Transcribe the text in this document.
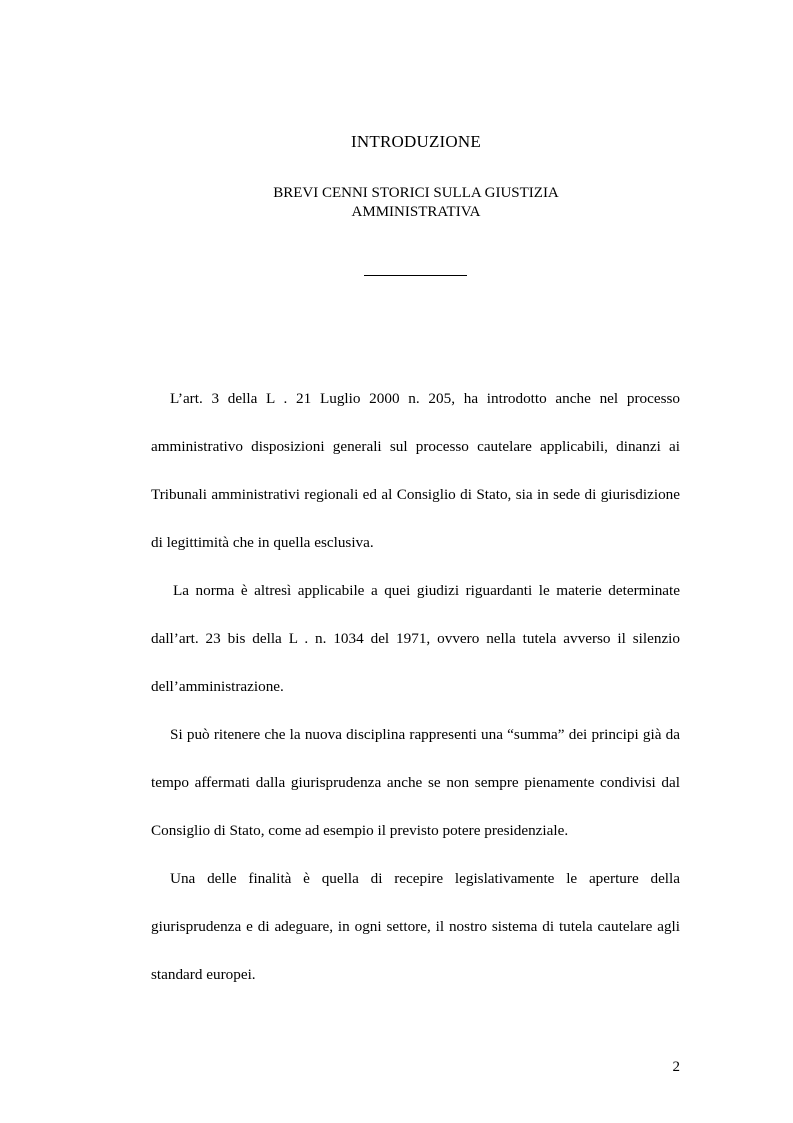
INTRODUZIONE
BREVI CENNI STORICI SULLA GIUSTIZIA
AMMINISTRATIVA

L’art. 3 della L . 21 Luglio 2000 n. 205, ha introdotto anche nel processo amministrativo disposizioni generali sul processo cautelare applicabili, dinanzi ai Tribunali amministrativi regionali ed al Consiglio di Stato, sia in sede di giurisdizione di legittimità che in quella esclusiva.

La norma è altresì applicabile a quei giudizi riguardanti le materie determinate dall’art. 23 bis della L . n. 1034 del 1971, ovvero nella tutela avverso il silenzio dell’amministrazione.

Si può ritenere che la nuova disciplina rappresenti una “summa” dei principi già da tempo affermati dalla giurisprudenza anche se non sempre pienamente condivisi dal Consiglio di Stato, come ad esempio il previsto potere presidenziale.

Una delle finalità è quella di recepire legislativamente le aperture della giurisprudenza e di adeguare, in ogni settore, il nostro sistema di tutela cautelare agli standard europei.

2
